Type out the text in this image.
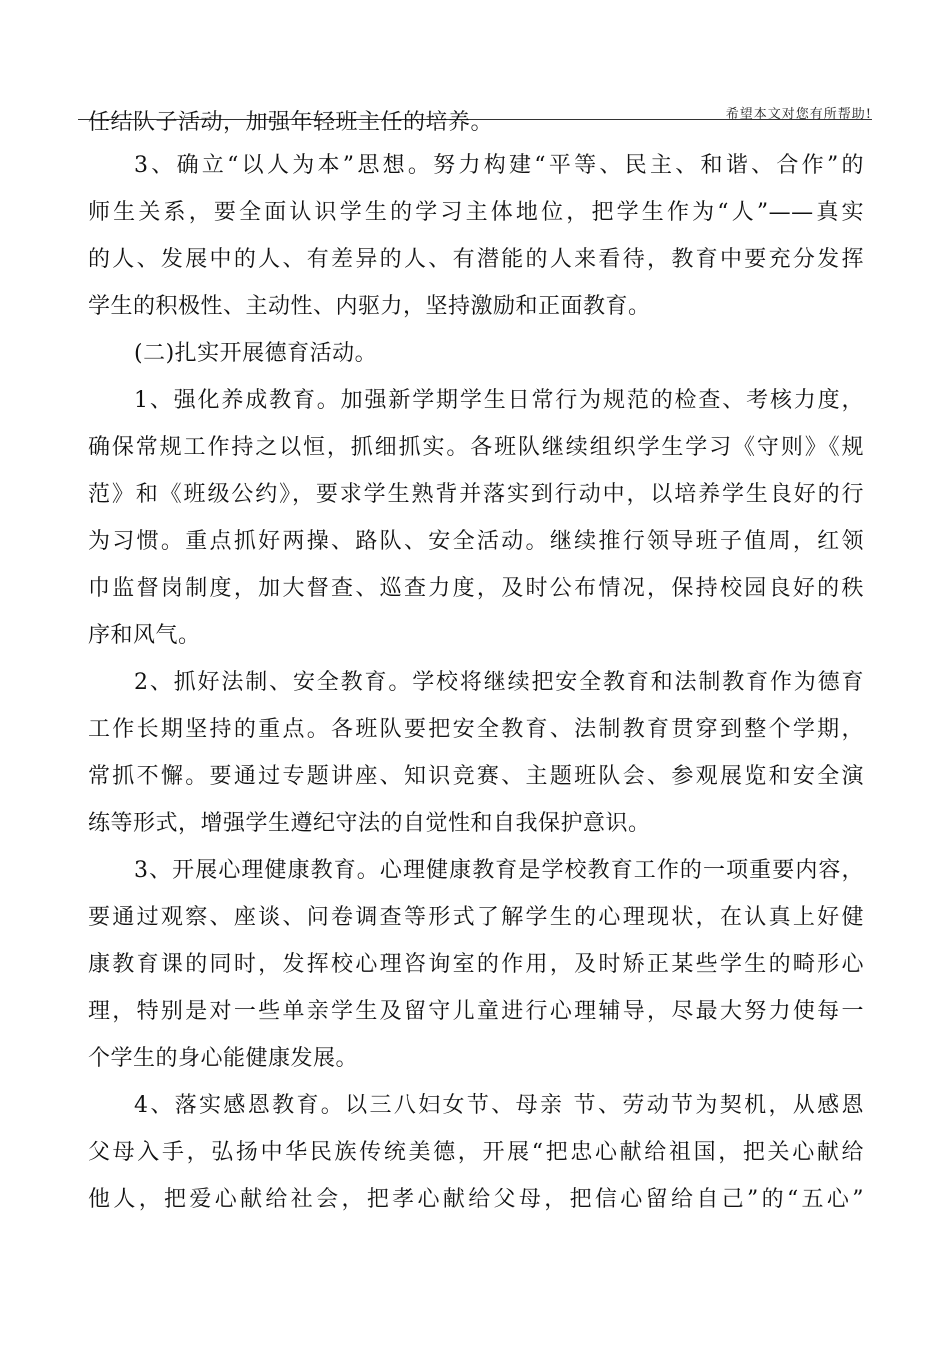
希望本文对您有所帮助!
任结队子活动，加强年轻班主任的培养。
3、确立“以人为本”思想。努力构建“平等、民主、和谐、合作”的
师生关系，要全面认识学生的学习主体地位，把学生作为“人”——真实
的人、发展中的人、有差异的人、有潜能的人来看待，教育中要充分发挥
学生的积极性、主动性、内驱力，坚持激励和正面教育。
(二)扎实开展德育活动。
1、强化养成教育。加强新学期学生日常行为规范的检查、考核力度，
确保常规工作持之以恒，抓细抓实。各班队继续组织学生学习《守则》《规
范》和《班级公约》，要求学生熟背并落实到行动中，以培养学生良好的行
为习惯。重点抓好两操、路队、安全活动。继续推行领导班子值周，红领
巾监督岗制度，加大督查、巡查力度，及时公布情况，保持校园良好的秩
序和风气。
2、抓好法制、安全教育。学校将继续把安全教育和法制教育作为德育
工作长期坚持的重点。各班队要把安全教育、法制教育贯穿到整个学期，
常抓不懈。要通过专题讲座、知识竞赛、主题班队会、参观展览和安全演
练等形式，增强学生遵纪守法的自觉性和自我保护意识。
3、开展心理健康教育。心理健康教育是学校教育工作的一项重要内容，
要通过观察、座谈、问卷调查等形式了解学生的心理现状，在认真上好健
康教育课的同时，发挥校心理咨询室的作用，及时矫正某些学生的畸形心
理，特别是对一些单亲学生及留守儿童进行心理辅导，尽最大努力使每一
个学生的身心能健康发展。
4、落实感恩教育。以三八妇女节、母亲 节、劳动节为契机，从感恩
父母入手，弘扬中华民族传统美德，开展“把忠心献给祖国，把关心献给
他人，把爱心献给社会，把孝心献给父母，把信心留给自己”的“五心”
